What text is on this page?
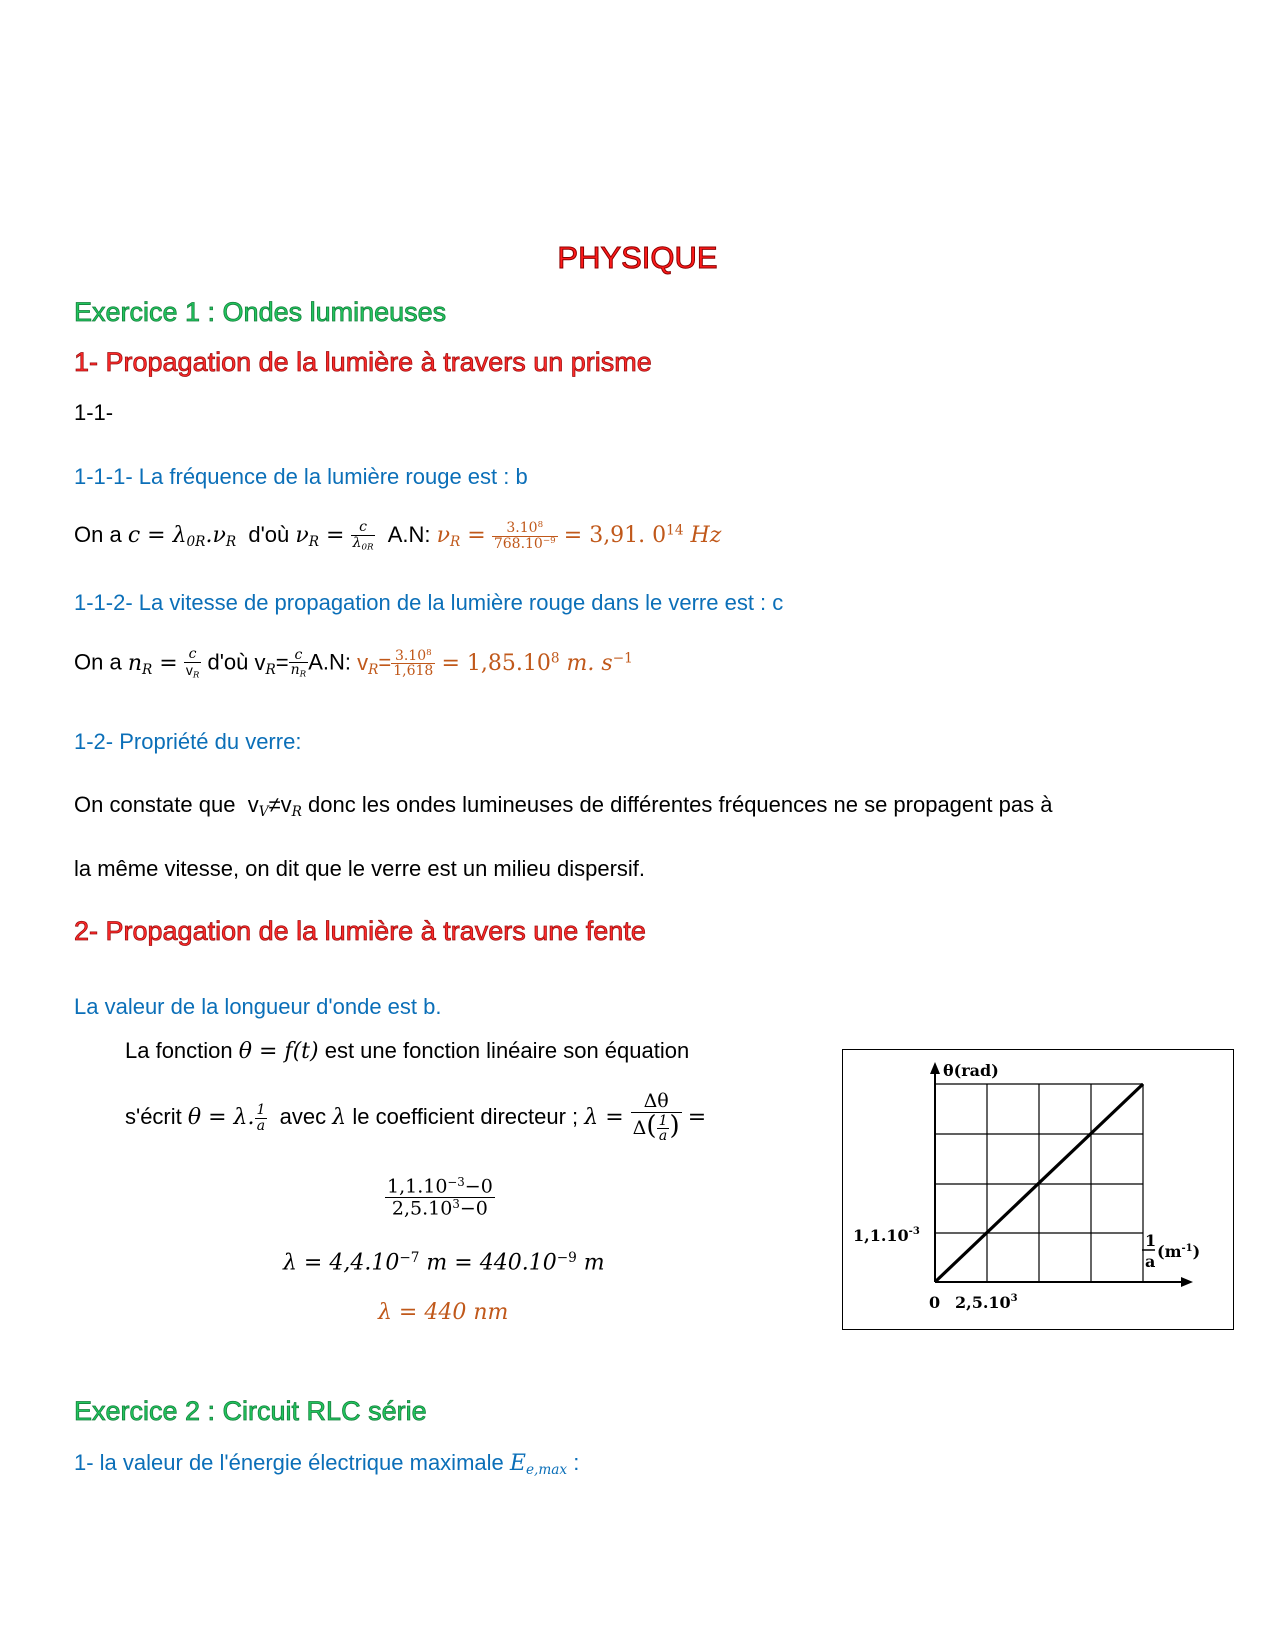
PHYSIQUE
Exercice 1 : Ondes lumineuses
1- Propagation de la lumière à travers un prisme
1-1-
1-1-1- La fréquence de la lumière rouge est : b
On a $c = \lambda_{0R}.\nu_R$ d'où $\nu_R = \frac{c}{\lambda_{0R}} A.N$: $\nu_R = \frac{3.10^8}{768.10^{-9}} = 3,91$. $0^{14}$ Hz
1-1-2- La vitesse de propagation de la lumière rouge dans le verre est : c
On a $n_R = \frac{c}{v_R}$ d'où $v_R= \frac{c}{n_R} A.N$: $v_R= \frac{3.10^8}{1,618} = 1,85.10^8$ m. $s^{-1}$
1-2- Propriété du verre:
On constate que $v_V\ne v_R$ donc les ondes lumineuses de différentes fréquences ne se propagent pas à
la même vitesse, on dit que le verre est un milieu dispersif.
2- Propagation de la lumière à travers une fente
La valeur de la longueur d'onde est b.
La fonction θ = f(t) est une fonction linéaire son équation
s'écrit θ = λ. $\frac{1}{a}$ avec λ le coefficient directeur ; $\lambda = \frac{\Delta\theta}{\Delta( \frac{1}{a} )}$ =
$\frac{1,1.10^{-3}-0}{2,5.10^3-0}$
$\lambda = 4,4.10^{-7}$ $m = 440.10^{-9}$ m
λ = 440 nm
θ(rad)
$1,1.10^{-3}$
0 2,5.10$^3$
1
a
$(m^{-1})$
Exercice 2 : Circuit RLC série
1- la valeur de l'énergie électrique maximale $E_{e,max}$ :
